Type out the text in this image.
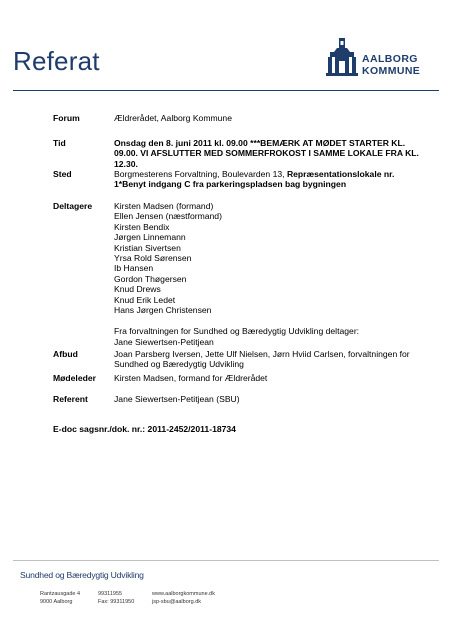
Referat	AALBORG
KOMMUNE
Forum	Ældrerådet, Aalborg Kommune
Tid	Onsdag den 8. juni 2011 kl. 09.00 ***BEMÆRK AT MØDET STARTER KL. 09.00. VI AFSLUTTER MED SOMMERFROKOST I SAMME LOKALE FRA KL. 12.30.
Sted	Borgmesterens Forvaltning, Boulevarden 13, Repræsentationslokale nr. 1*Benyt indgang C fra parkeringspladsen bag bygningen
Deltagere	Kirsten Madsen (formand)
Ellen Jensen (næstformand)
Kirsten Bendix
Jørgen Linnemann
Kristian Sivertsen
Yrsa Rold Sørensen
Ib Hansen
Gordon Thøgersen
Knud Drews
Knud Erik Ledet
Hans Jørgen Christensen
Fra forvaltningen for Sundhed og Bæredygtig Udvikling deltager:
Jane Siewertsen-Petitjean
Afbud	Joan Parsberg Iversen, Jette Ulf Nielsen, Jørn Hviid Carlsen, forvaltningen for Sundhed og Bæredygtig Udvikling
Mødeleder	Kirsten Madsen, formand for Ældrerådet
Referent	Jane Siewertsen-Petitjean (SBU)
E-doc sagsnr./dok. nr.: 2011-2452/2011-18734
Sundhed og Bæredygtig Udvikling
Rantzausgade 4
9000 Aalborg
99311955
Fax: 99311950
www.aalborgkommune.dk
jsp-sbu@aalborg.dk
